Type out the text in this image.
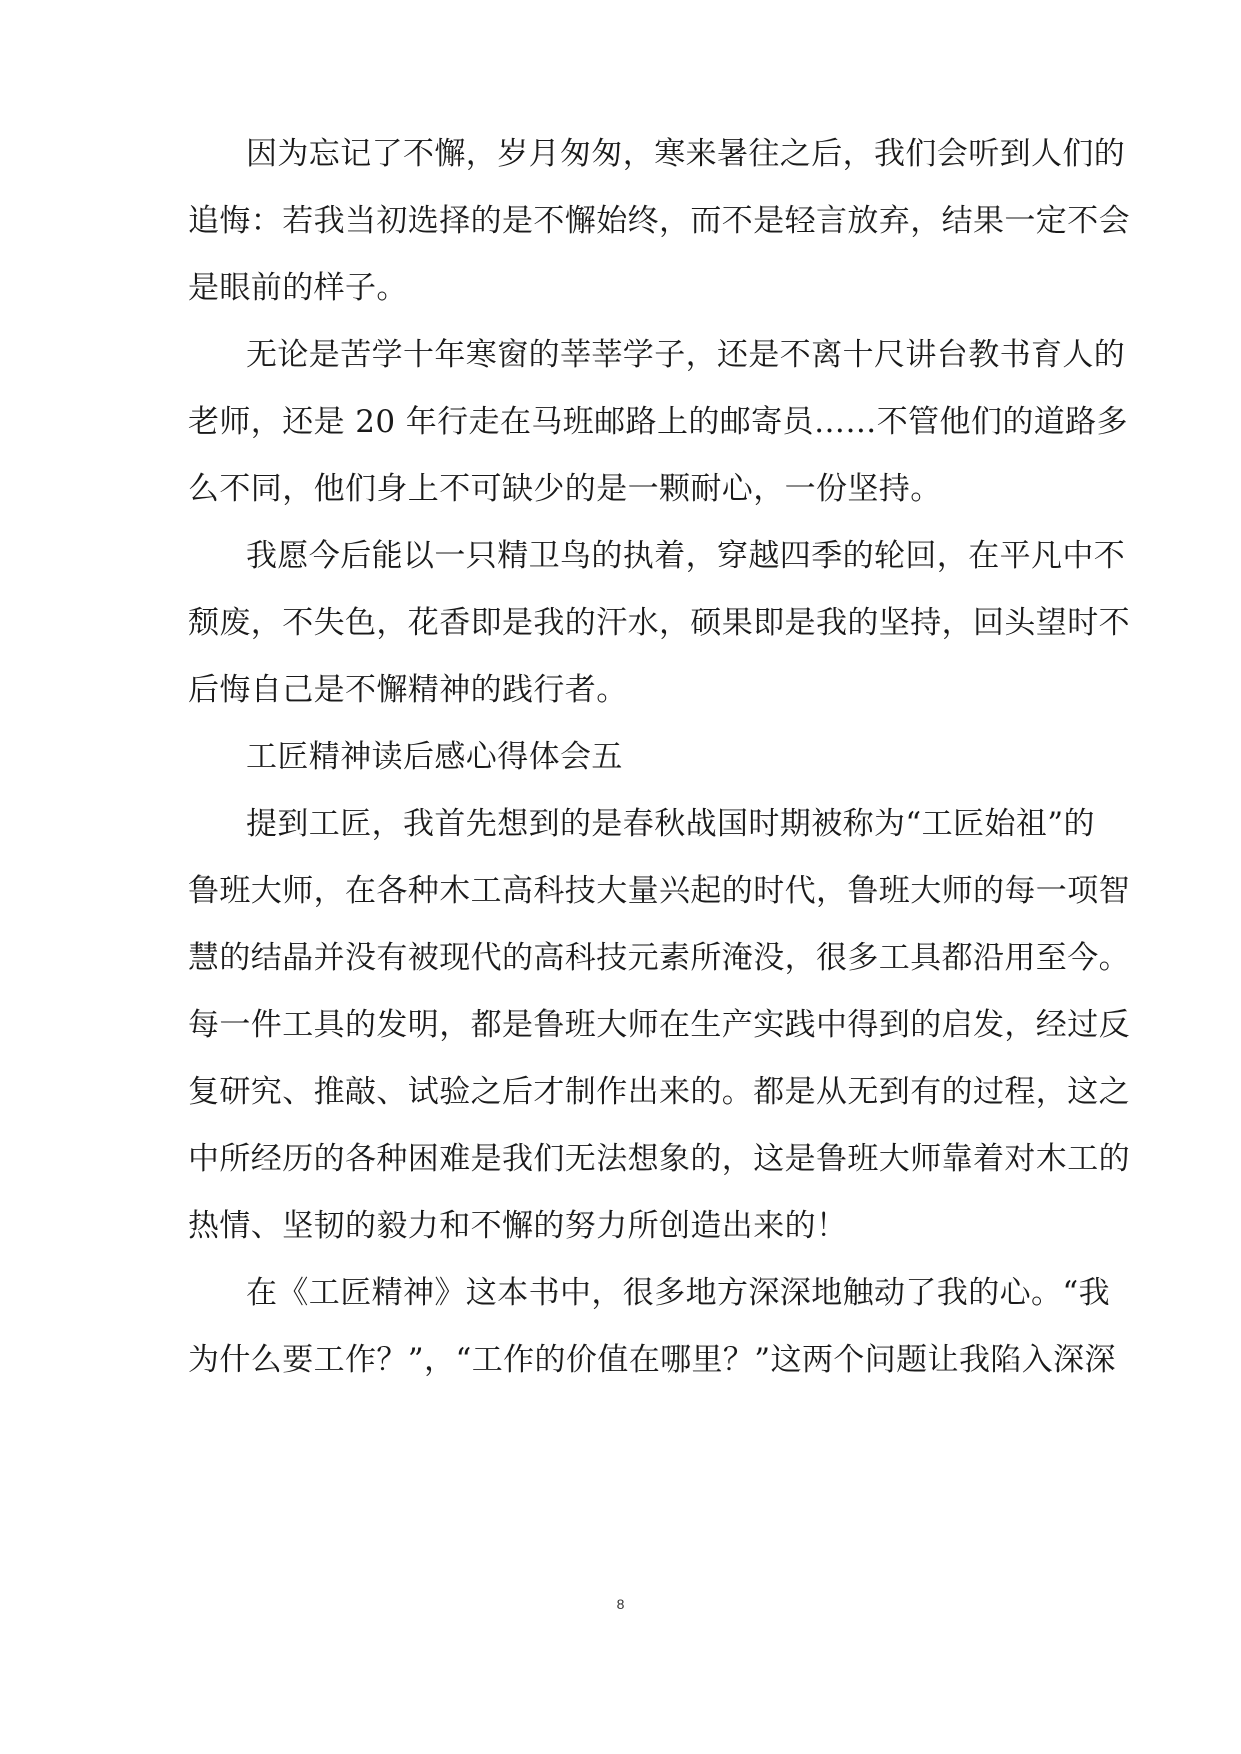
因为忘记了不懈，岁月匆匆，寒来暑往之后，我们会听到人们的
追悔：若我当初选择的是不懈始终，而不是轻言放弃，结果一定不会
是眼前的样子。
无论是苦学十年寒窗的莘莘学子，还是不离十尺讲台教书育人的
老师，还是 20 年行走在马班邮路上的邮寄员……不管他们的道路多
么不同，他们身上不可缺少的是一颗耐心，一份坚持。
我愿今后能以一只精卫鸟的执着，穿越四季的轮回，在平凡中不
颓废，不失色，花香即是我的汗水，硕果即是我的坚持，回头望时不
后悔自己是不懈精神的践行者。
工匠精神读后感心得体会五
提到工匠，我首先想到的是春秋战国时期被称为“工匠始祖”的
鲁班大师，在各种木工高科技大量兴起的时代，鲁班大师的每一项智
慧的结晶并没有被现代的高科技元素所淹没，很多工具都沿用至今。
每一件工具的发明，都是鲁班大师在生产实践中得到的启发，经过反
复研究、推敲、试验之后才制作出来的。都是从无到有的过程，这之
中所经历的各种困难是我们无法想象的，这是鲁班大师靠着对木工的
热情、坚韧的毅力和不懈的努力所创造出来的！
在《工匠精神》这本书中，很多地方深深地触动了我的心。“我
为什么要工作？”，“工作的价值在哪里？”这两个问题让我陷入深深
8
